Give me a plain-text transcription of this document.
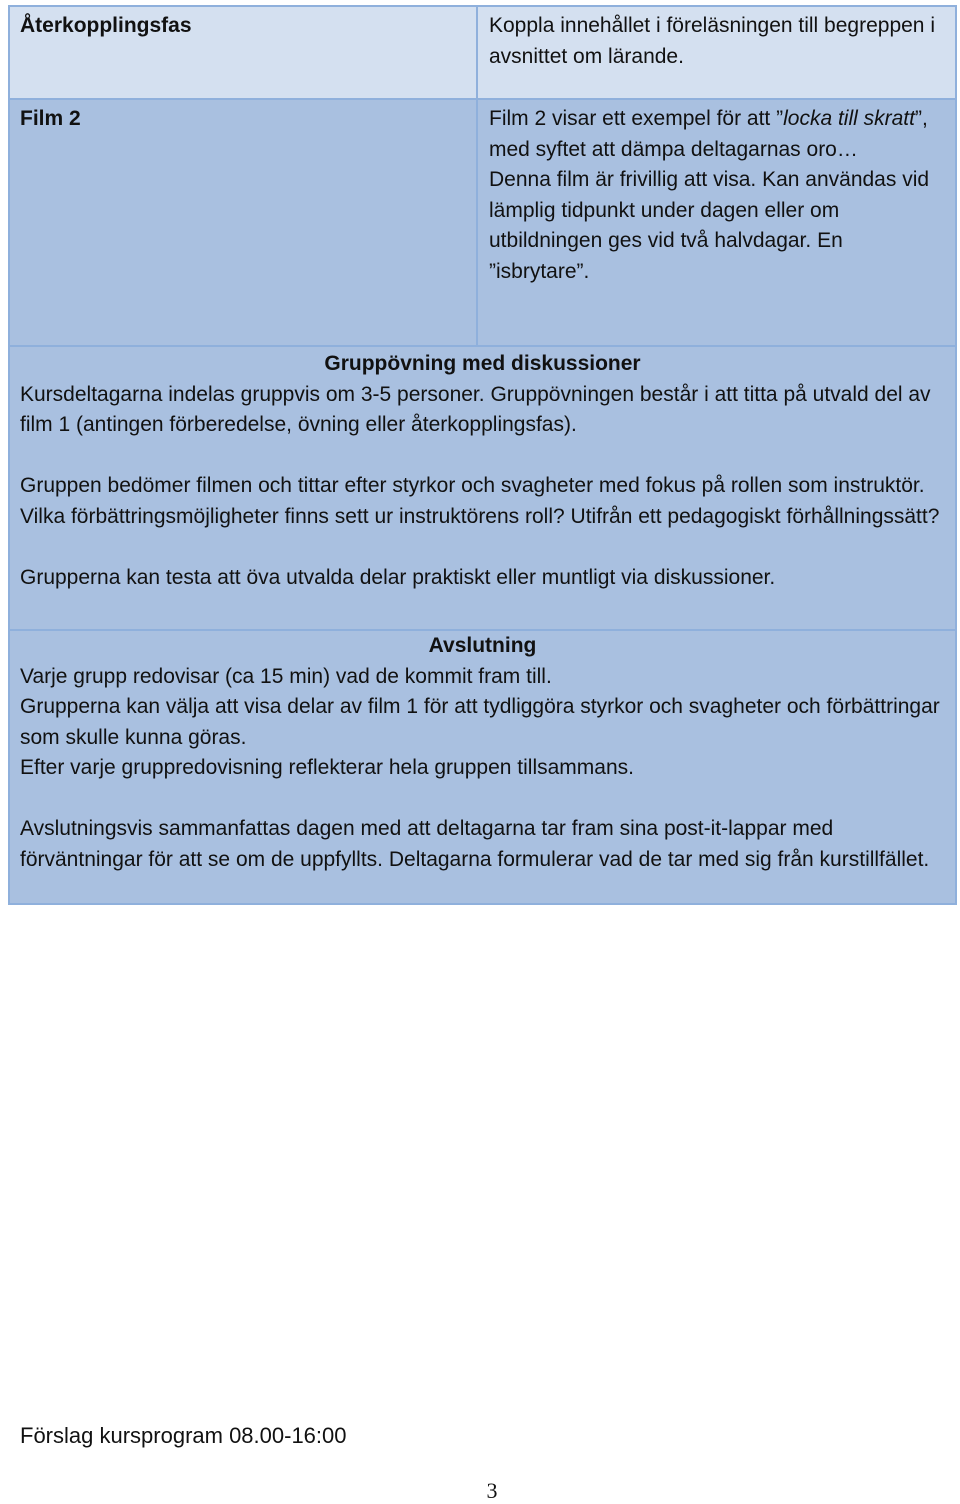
Återkopplingsfas	Koppla innehållet i föreläsningen till begreppen i avsnittet om lärande.
Film 2	Film 2 visar ett exempel för att ”locka till skratt”, med syftet att dämpa deltagarnas oro…

Denna film är frivillig att visa. Kan användas vid lämplig tidpunkt under dagen eller om utbildningen ges vid två halvdagar. En ”isbrytare”.

Gruppövning med diskussioner

Kursdeltagarna indelas gruppvis om 3-5 personer. Gruppövningen består i att titta på utvald del av film 1 (antingen förberedelse, övning eller återkopplingsfas).

Gruppen bedömer filmen och tittar efter styrkor och svagheter med fokus på rollen som instruktör. Vilka förbättringsmöjligheter finns sett ur instruktörens roll? Utifrån ett pedagogiskt förhållningssätt?

Grupperna kan testa att öva utvalda delar praktiskt eller muntligt via diskussioner.

Avslutning

Varje grupp redovisar (ca 15 min) vad de kommit fram till.

Grupperna kan välja att visa delar av film 1 för att tydliggöra styrkor och svagheter och förbättringar som skulle kunna göras.

Efter varje gruppredovisning reflekterar hela gruppen tillsammans.

Avslutningsvis sammanfattas dagen med att deltagarna tar fram sina post-it-lappar med förväntningar för att se om de uppfyllts. Deltagarna formulerar vad de tar med sig från kurstillfället.

Förslag kursprogram 08.00-16:00
3
